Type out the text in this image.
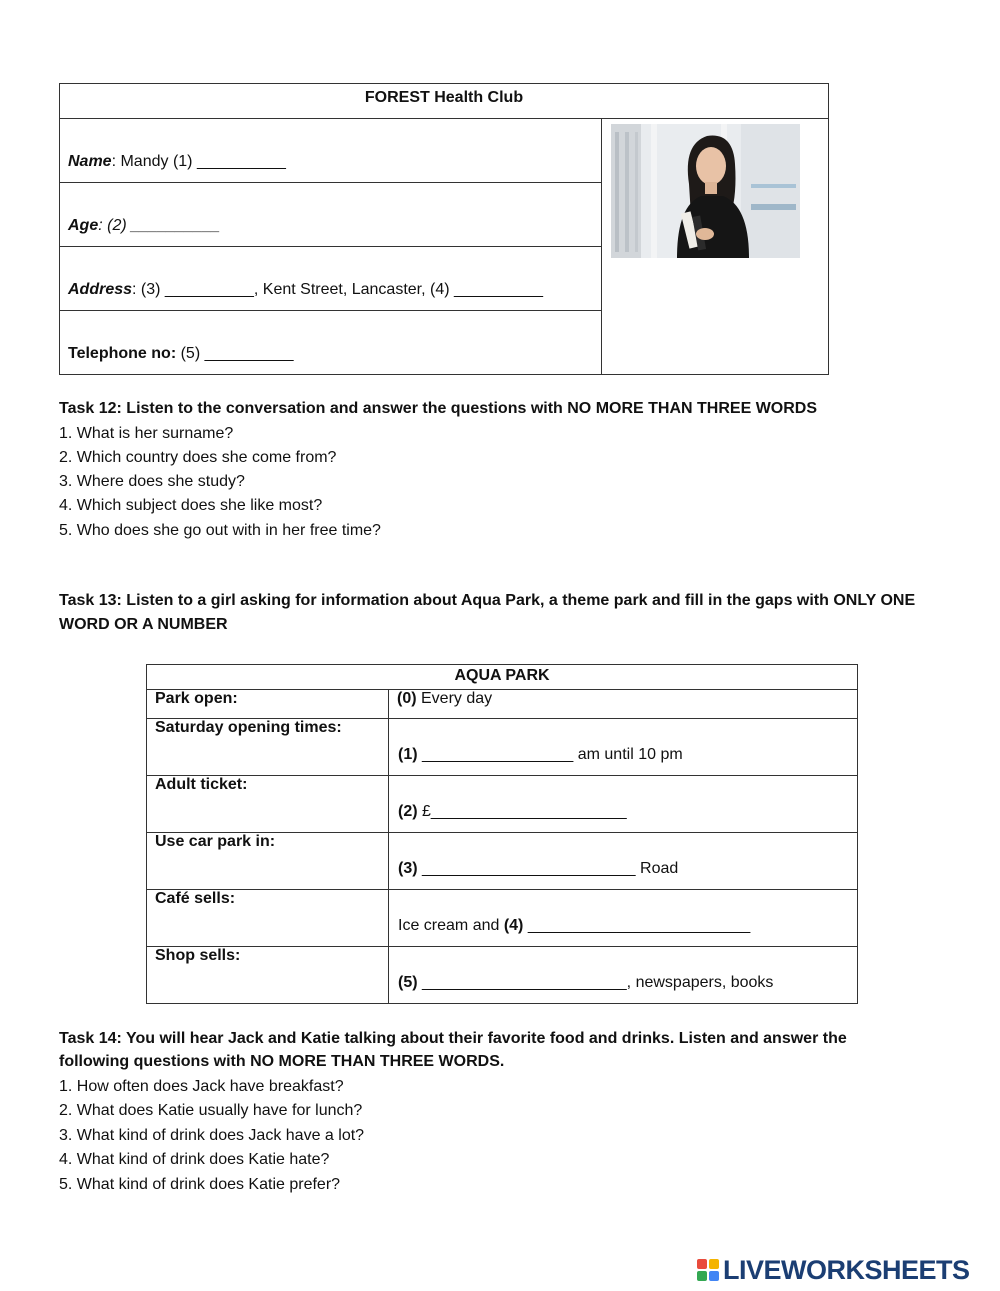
FOREST Health Club
Name: Mandy (1) __________
Age: (2) __________
Address: (3) __________, Kent Street, Lancaster, (4) __________
Telephone no: (5) __________
Task 12: Listen to the conversation and answer the questions with NO MORE THAN THREE WORDS
1. What is her surname?
2. Which country does she come from?
3. Where does she study?
4. Which subject does she like most?
5. Who does she go out with in her free time?
Task 13: Listen to a girl asking for information about Aqua Park, a theme park and fill in the gaps with ONLY ONE
WORD OR A NUMBER
AQUA PARK	
Park open:	(0) Every day
Saturday opening times:	(1) _________________ am until 10 pm

Adult ticket:	(2) £______________________

Use car park in:	(3) ________________________ Road

Café sells:	Ice cream and (4) _________________________

Shop sells:	(5) _______________________, newspapers, books
Task 14: You will hear Jack and Katie talking about their favorite food and drinks. Listen and answer the
following questions with NO MORE THAN THREE WORDS.
1. How often does Jack have breakfast?
2. What does Katie usually have for lunch?
3. What kind of drink does Jack have a lot?
4. What kind of drink does Katie hate?
5. What kind of drink does Katie prefer?
LIVEWORKSHEETS
